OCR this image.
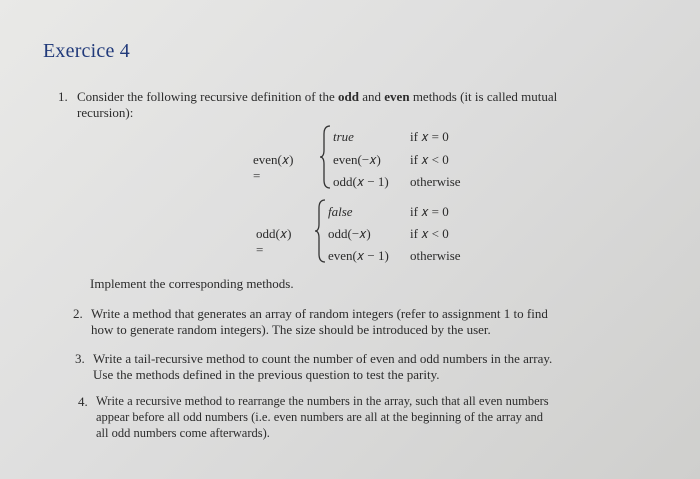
Exercice 4
1. Consider the following recursive definition of the odd and even methods (it is called mutual
recursion):
even(𝑥) =
true	if 𝑥 = 0
even(−𝑥) if 𝑥 < 0
odd(𝑥 − 1) otherwise
odd(𝑥) =
false	if 𝑥 = 0
odd(−𝑥)	if 𝑥 < 0
even(𝑥 − 1) otherwise
Implement the corresponding methods.
2. Write a method that generates an array of random integers (refer to assignment 1 to find
how to generate random integers). The size should be introduced by the user.
3. Write a tail-recursive method to count the number of even and odd numbers in the array.
Use the methods defined in the previous question to test the parity.
4. Write a recursive method to rearrange the numbers in the array, such that all even numbers
appear before all odd numbers (i.e. even numbers are all at the beginning of the array and
all odd numbers come afterwards).
